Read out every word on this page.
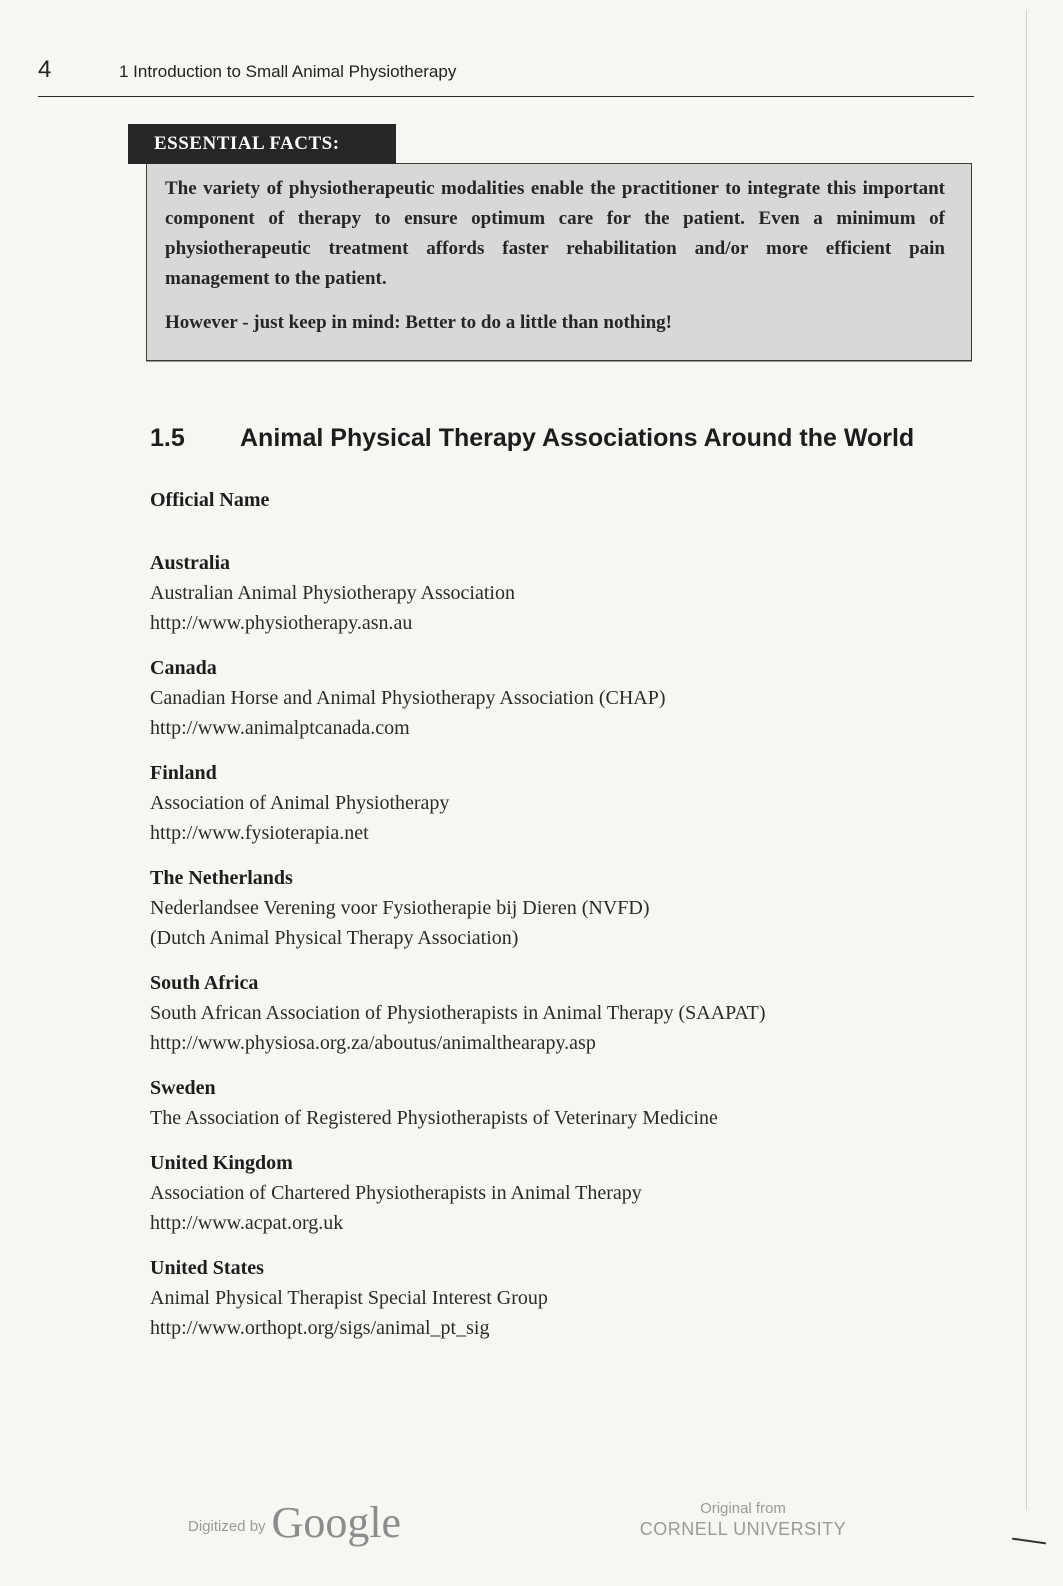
4	1 Introduction to Small Animal Physiotherapy

The variety of physiotherapeutic modalities enable the practitioner to integrate this important component of therapy to ensure optimum care for the patient. Even a minimum of physiotherapeutic treatment affords faster rehabilitation and/or more efficient pain management to the patient.

However - just keep in mind: Better to do a little than nothing!

ESSENTIAL FACTS:
1.5 Animal Physical Therapy Associations Around the World
Official Name
Australia
Australian Animal Physiotherapy Association
http://www.physiotherapy.asn.au
Canada
Canadian Horse and Animal Physiotherapy Association (CHAP)
http://www.animalptcanada.com
Finland
Association of Animal Physiotherapy
http://www.fysioterapia.net
The Netherlands
Nederlandsee Verening voor Fysiotherapie bij Dieren (NVFD)
(Dutch Animal Physical Therapy Association)
South Africa
South African Association of Physiotherapists in Animal Therapy (SAAPAT)
http://www.physiosa.org.za/aboutus/animalthearapy.asp
Sweden
The Association of Registered Physiotherapists of Veterinary Medicine
United Kingdom
Association of Chartered Physiotherapists in Animal Therapy
http://www.acpat.org.uk
United States
Animal Physical Therapist Special Interest Group
http://www.orthopt.org/sigs/animal_pt_sig
Digitized by Google	Original from
CORNELL UNIVERSITY
